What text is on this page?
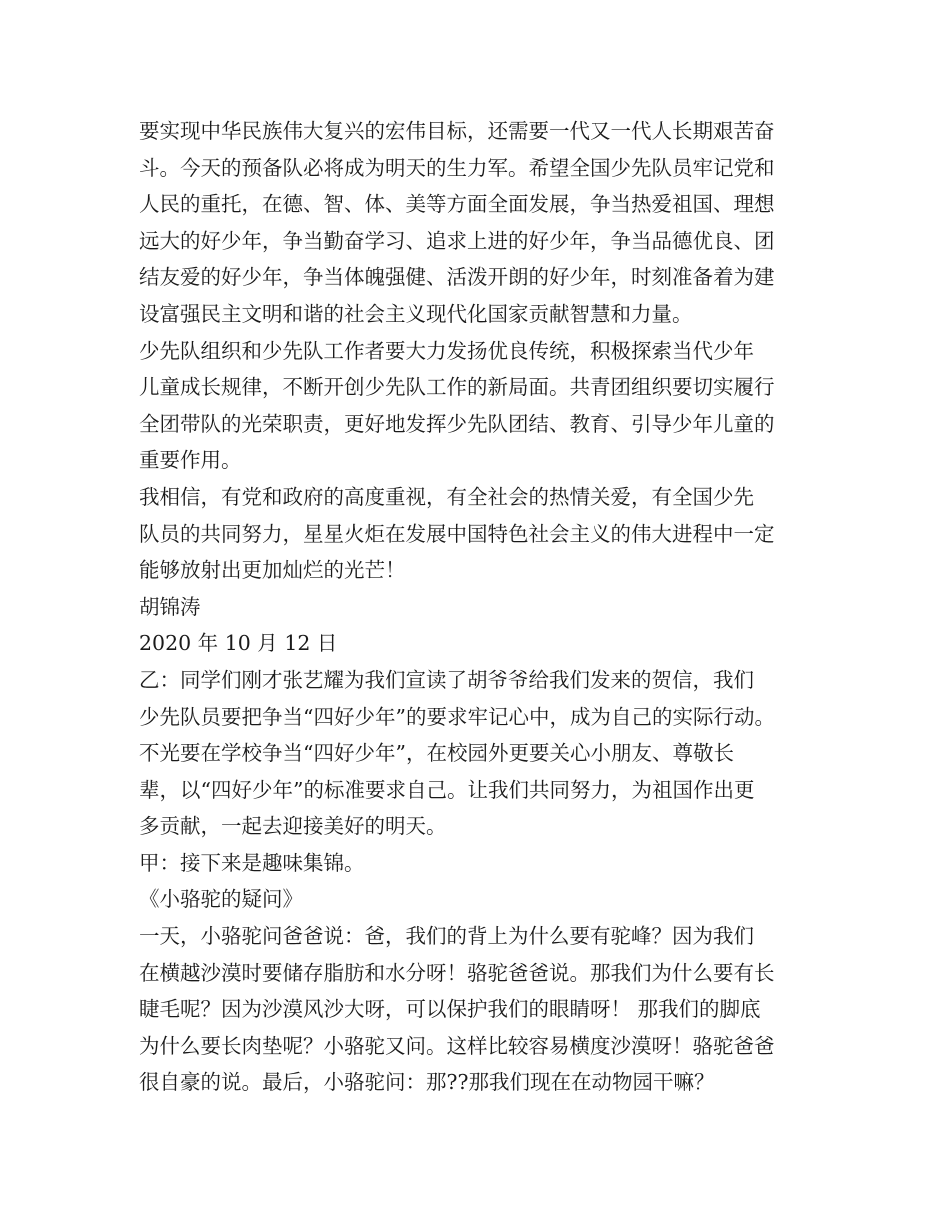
要实现中华民族伟大复兴的宏伟目标，还需要一代又一代人长期艰苦奋
斗。今天的预备队必将成为明天的生力军。希望全国少先队员牢记党和
人民的重托，在德、智、体、美等方面全面发展，争当热爱祖国、理想
远大的好少年，争当勤奋学习、追求上进的好少年，争当品德优良、团
结友爱的好少年，争当体魄强健、活泼开朗的好少年，时刻准备着为建
设富强民主文明和谐的社会主义现代化国家贡献智慧和力量。
少先队组织和少先队工作者要大力发扬优良传统，积极探索当代少年
儿童成长规律，不断开创少先队工作的新局面。共青团组织要切实履行
全团带队的光荣职责，更好地发挥少先队团结、教育、引导少年儿童的
重要作用。
我相信，有党和政府的高度重视，有全社会的热情关爱，有全国少先
队员的共同努力，星星火炬在发展中国特色社会主义的伟大进程中一定
能够放射出更加灿烂的光芒！
胡锦涛
2020 年 10 月 12 日
乙：同学们刚才张艺耀为我们宣读了胡爷爷给我们发来的贺信，我们
少先队员要把争当“四好少年”的要求牢记心中，成为自己的实际行动。
不光要在学校争当“四好少年”，在校园外更要关心小朋友、尊敬长
辈，以“四好少年”的标准要求自己。让我们共同努力，为祖国作出更
多贡献，一起去迎接美好的明天。
甲：接下来是趣味集锦。
《小骆驼的疑问》
一天，小骆驼问爸爸说：爸，我们的背上为什么要有驼峰？因为我们
在横越沙漠时要储存脂肪和水分呀！骆驼爸爸说。那我们为什么要有长
睫毛呢？因为沙漠风沙大呀，可以保护我们的眼睛呀！ 那我们的脚底
为什么要长肉垫呢？小骆驼又问。这样比较容易横度沙漠呀！骆驼爸爸
很自豪的说。最后，小骆驼问：那??那我们现在在动物园干嘛？
